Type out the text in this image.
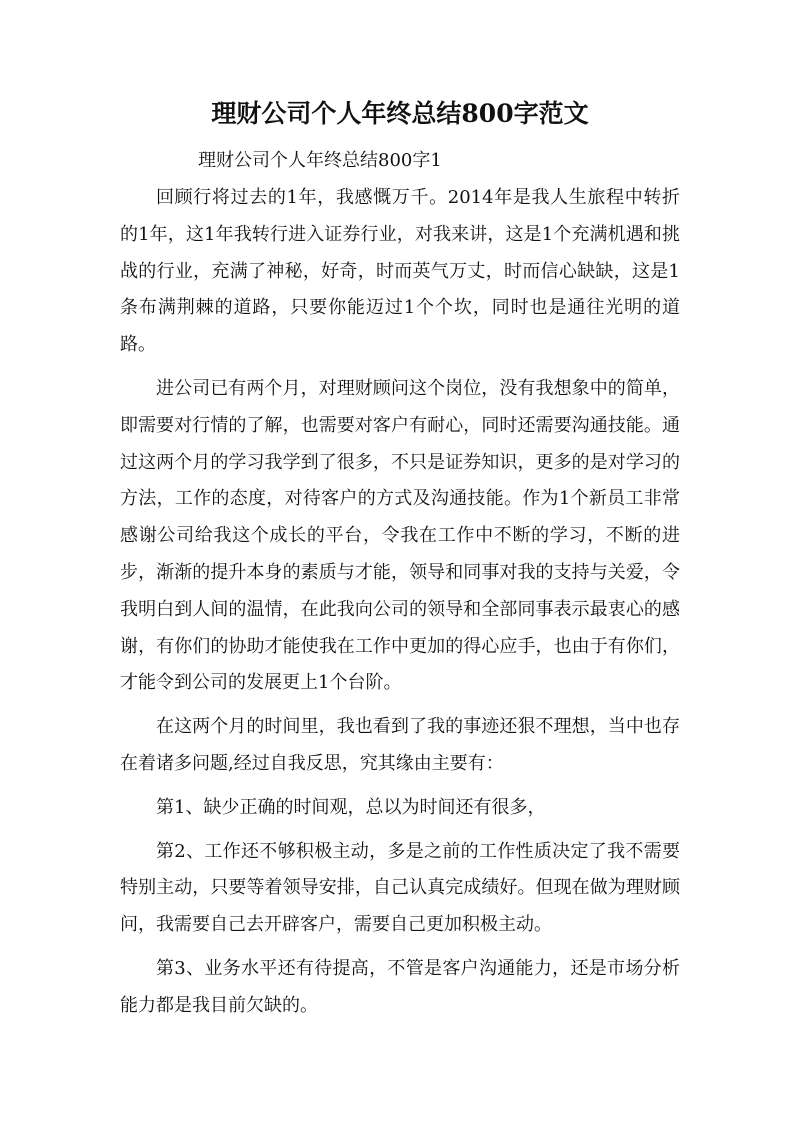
理财公司个人年终总结800字范文
理财公司个人年终总结800字1

回顾行将过去的1年，我感慨万千。2014年是我人生旅程中转折的1年，这1年我转行进入证券行业，对我来讲，这是1个充满机遇和挑战的行业，充满了神秘，好奇，时而英气万丈，时而信心缺缺，这是1条布满荆棘的道路，只要你能迈过1个个坎，同时也是通往光明的道路。

进公司已有两个月，对理财顾问这个岗位，没有我想象中的简单，即需要对行情的了解，也需要对客户有耐心，同时还需要沟通技能。通过这两个月的学习我学到了很多，不只是证券知识，更多的是对学习的方法，工作的态度，对待客户的方式及沟通技能。作为1个新员工非常感谢公司给我这个成长的平台，令我在工作中不断的学习，不断的进步，渐渐的提升本身的素质与才能，领导和同事对我的支持与关爱，令我明白到人间的温情，在此我向公司的领导和全部同事表示最衷心的感谢，有你们的协助才能使我在工作中更加的得心应手，也由于有你们，才能令到公司的发展更上1个台阶。

在这两个月的时间里，我也看到了我的事迹还狠不理想，当中也存在着诸多问题,经过自我反思，究其缘由主要有：

第1、缺少正确的时间观，总以为时间还有很多，

第2、工作还不够积极主动，多是之前的工作性质决定了我不需要特别主动，只要等着领导安排，自己认真完成绩好。但现在做为理财顾问，我需要自己去开辟客户，需要自己更加积极主动。

第3、业务水平还有待提高，不管是客户沟通能力，还是市场分析能力都是我目前欠缺的。
